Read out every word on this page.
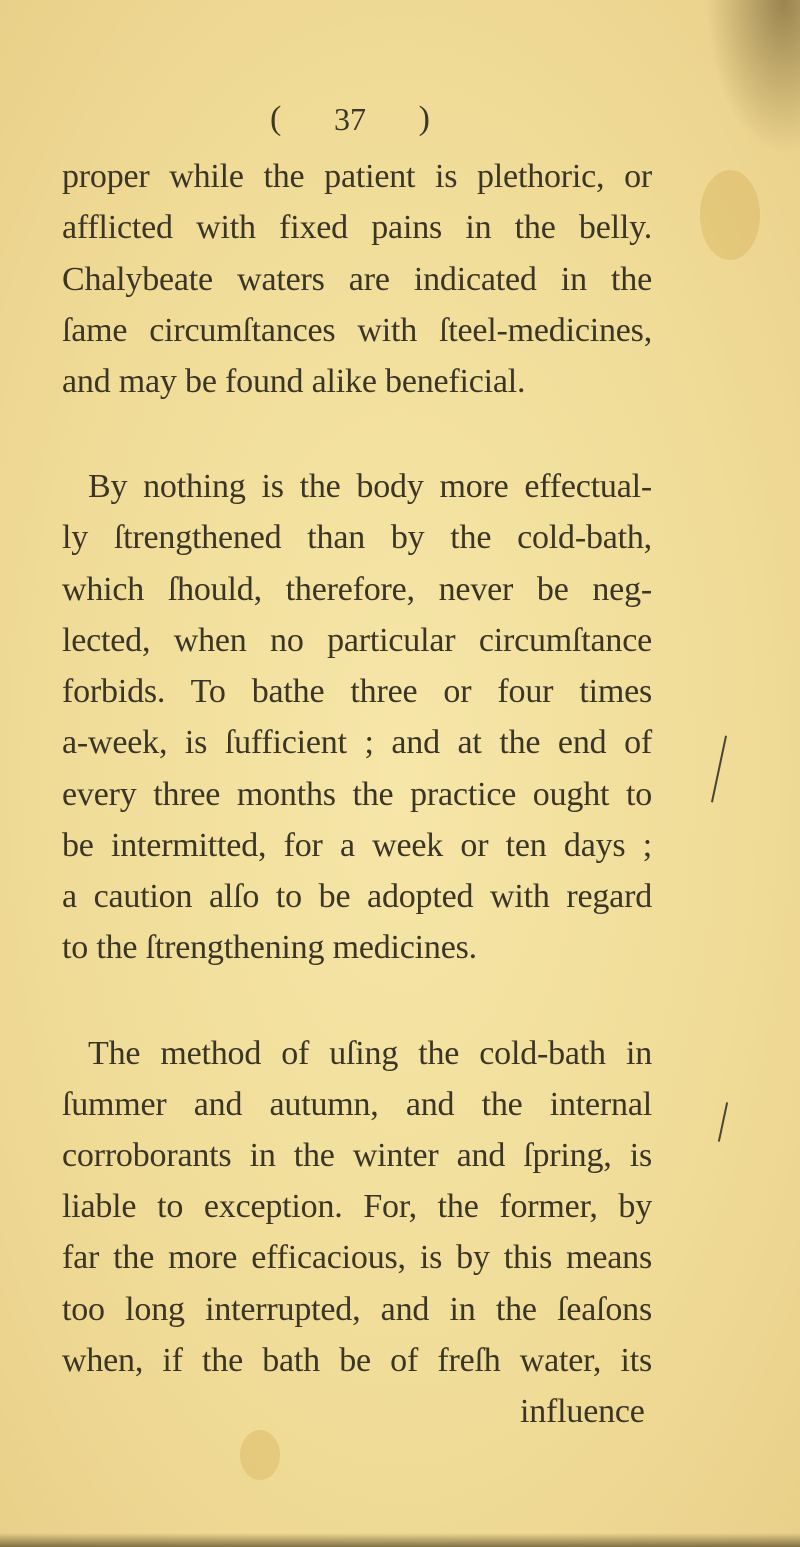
( 37 )
proper while the patient is plethoric, or
afflicted with fixed pains in the belly.
Chalybeate waters are indicated in the
ſame circumſtances with ſteel-medicines,
and may be found alike beneficial.
By nothing is the body more effectual-
ly ſtrengthened than by the cold-bath,
which ſhould, therefore, never be neg-
lected, when no particular circumſtance
forbids. To bathe three or four times
a-week, is ſufficient ; and at the end of
every three months the practice ought to
be intermitted, for a week or ten days ;
a caution alſo to be adopted with regard
to the ſtrengthening medicines.
The method of uſing the cold-bath in
ſummer and autumn, and the internal
corroborants in the winter and ſpring, is
liable to exception. For, the former, by
far the more efficacious, is by this means
too long interrupted, and in the ſeaſons
when, if the bath be of freſh water, its
influence
